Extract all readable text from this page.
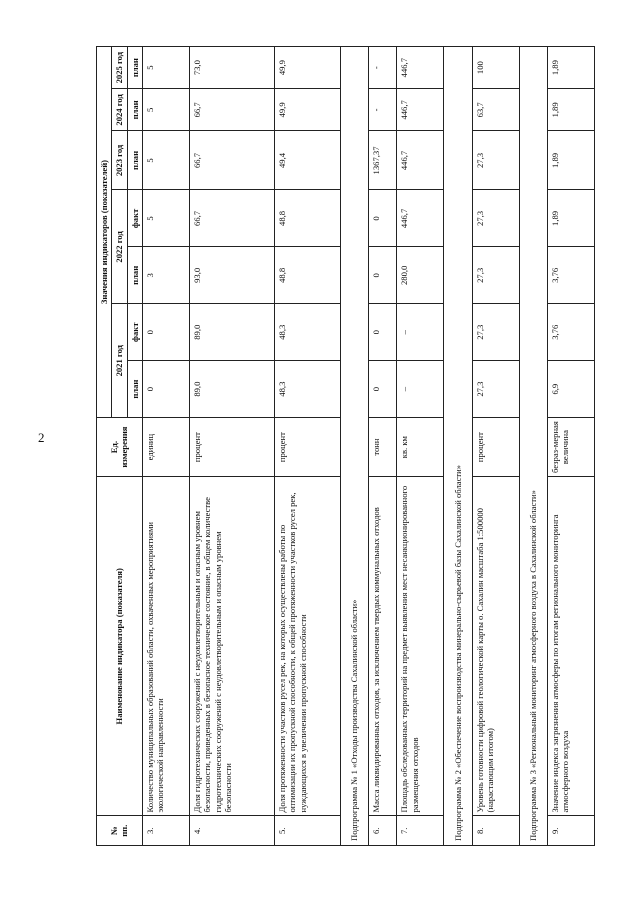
2
№ пп.	Наименование индикатора (показателя)	Ед. измерения	Значения индикаторов (показателей)						
			2021 год		2022 год		2023 год	2024 год	2025 год
			план	факт	план	факт	план	план	план
3.	Количество муниципальных образований области, охваченных мероприятиями экологической направленности	единиц	0	0	3	5	5	5	5
4.	Доля гидротехнических сооружений с неудовлетворительным и опасным уровнем безопасности, приведенных в безопасное техническое состояние, в общем количестве гидротехнических сооружений с неудовлетворительным и опасным уровнем безопасности	процент	89,0	89,0	93,0	66,7	66,7	66,7	73,0
5.	Доля протяженности участков русел рек, на которых осуществлены работы по оптимизации их пропускной способности, к общей протяженности участков русел рек, нуждающихся в увеличении пропускной способности	процент	48,3	48,3	48,8	48,8	49,4	49,9	49,9
Подпрограмма № 1 «Отходы производства Сахалинской области»									
6.	Масса ликвидированных отходов, за исключением твердых коммунальных отходов	тонн	0	0	0	0	1367,37	-	-
7.	Площадь обследованных территорий на предмет выявления мест несанкционированного размещения отходов	кв. км	–	–	280,0	446,7	446,7	446,7	446,7
Подпрограмма № 2 «Обеспечение воспроизводства минерально-сырьевой базы Сахалинской области»									
8.	Уровень готовности цифровой геологической карты о. Сахалин масштаба 1:500000 (нарастающим итогом)	процент	27,3	27,3	27,3	27,3	27,3	63,7	100
Подпрограмма № 3 «Региональный мониторинг атмосферного воздуха в Сахалинской области»									
9.	Значение индекса загрязнения атмосферы по итогам регионального мониторинга атмосферного воздуха	безраз-мерная величина	6,9	3,76	3,76	1,89	1,89	1,89	1,89
